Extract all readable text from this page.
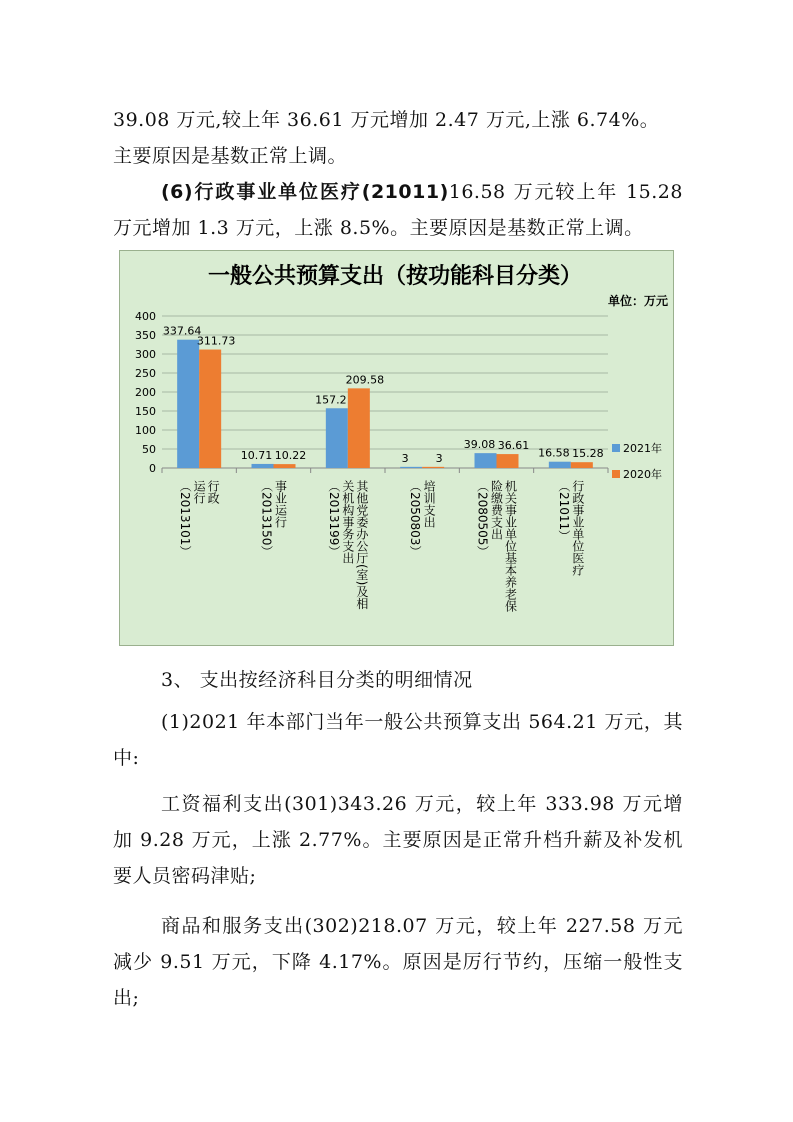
39.08 万元,较上年 36.61 万元增加 2.47 万元,上涨 6.74%。
主要原因是基数正常上调。

(6)行政事业单位医疗(21011)16.58 万元较上年 15.28 万元增加 1.3 万元，上涨 8.5%。主要原因是基数正常上调。

一般公共预算支出（按功能科目分类）
单位：万元
0
50
100
150
200
250
300
350
400
337.64
311.73
10.71 10.22
157.2
209.58
3 3
39.08 36.61
16.58 15.28
行政
运行
（2013101）	事业运行
（2013150）	其他党委办公厅(室)及相
关机构事务支出
（2013199）	培训支出
（2050803）	机关事业单位基本养老保
险缴费支出
（2080505）	行政事业单位医疗
（21011）
2021年
2020年

3、 支出按经济科目分类的明细情况

(1)2021 年本部门当年一般公共预算支出 564.21 万元，其中:

工资福利支出(301)343.26 万元，较上年 333.98 万元增加 9.28 万元，上涨 2.77%。主要原因是正常升档升薪及补发机要人员密码津贴;

商品和服务支出(302)218.07 万元，较上年 227.58 万元减少 9.51 万元，下降 4.17%。原因是厉行节约，压缩一般性支出;
